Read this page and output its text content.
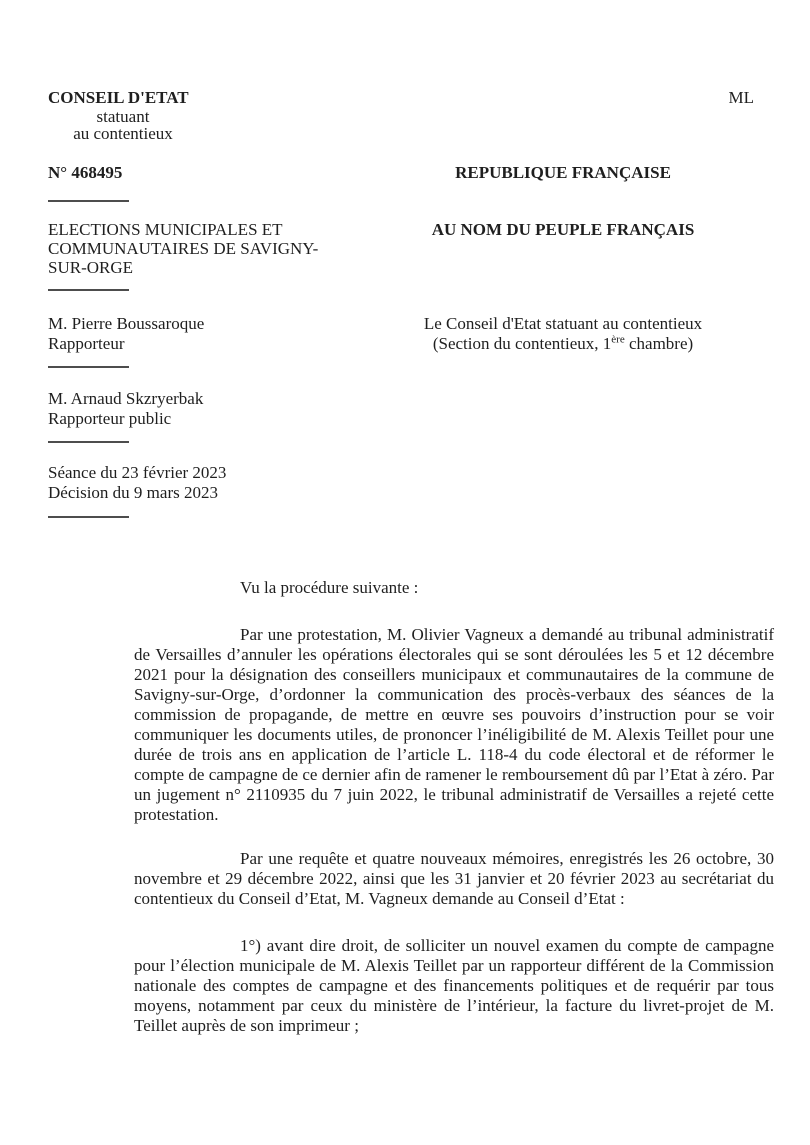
ML
CONSEIL D'ETAT
statuant
au contentieux
N° 468495	REPUBLIQUE FRANÇAISE
ELECTIONS MUNICIPALES ET COMMUNAUTAIRES DE SAVIGNY-SUR-ORGE
AU NOM DU PEUPLE FRANÇAIS
M. Pierre Boussaroque
Rapporteur
Le Conseil d'Etat statuant au contentieux
(Section du contentieux, 1ère chambre)
M. Arnaud Skzryerbak
Rapporteur public
Séance du 23 février 2023
Décision du 9 mars 2023
Vu la procédure suivante :

Par une protestation, M. Olivier Vagneux a demandé au tribunal administratif de Versailles d’annuler les opérations électorales qui se sont déroulées les 5 et 12 décembre 2021 pour la désignation des conseillers municipaux et communautaires de la commune de Savigny-sur-Orge, d’ordonner la communication des procès-verbaux des séances de la commission de propagande, de mettre en œuvre ses pouvoirs d’instruction pour se voir communiquer les documents utiles, de prononcer l’inéligibilité de M. Alexis Teillet pour une durée de trois ans en application de l’article L. 118-4 du code électoral et de réformer le compte de campagne de ce dernier afin de ramener le remboursement dû par l’Etat à zéro. Par un jugement n° 2110935 du 7 juin 2022, le tribunal administratif de Versailles a rejeté cette protestation.

Par une requête et quatre nouveaux mémoires, enregistrés les 26 octobre, 30 novembre et 29 décembre 2022, ainsi que les 31 janvier et 20 février 2023 au secrétariat du contentieux du Conseil d’Etat, M. Vagneux demande au Conseil d’Etat :

1°) avant dire droit, de solliciter un nouvel examen du compte de campagne pour l’élection municipale de M. Alexis Teillet par un rapporteur différent de la Commission nationale des comptes de campagne et des financements politiques et de requérir par tous moyens, notamment par ceux du ministère de l’intérieur, la facture du livret-projet de M. Teillet auprès de son imprimeur ;
